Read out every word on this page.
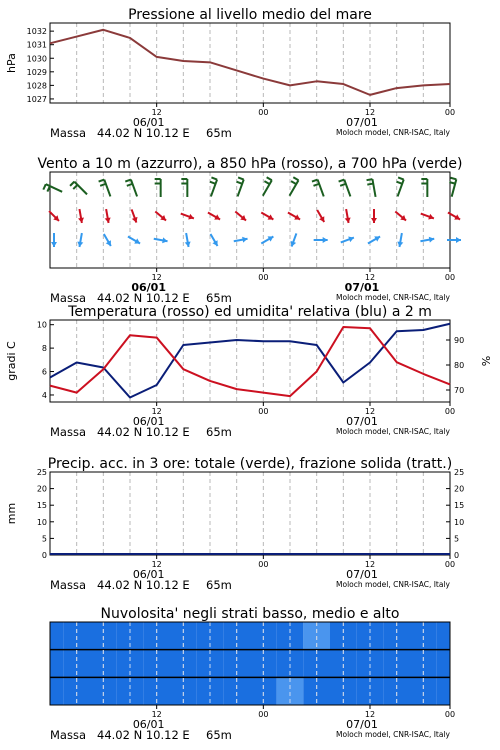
12	00	12	00
06/01	07/01
Massa 44.02 N 10.12 E 65m	Moloch model, CNR-ISAC, Italy
1027
1028
1029
1030
1031
1032
Pressione al livello medio del mare
hPa
12	00	12	00
06/01	07/01
Massa 44.02 N 10.12 E 65m	Moloch model, CNR-ISAC, Italy
Vento a 10 m (azzurro), a 850 hPa (rosso), a 700 hPa (verde)
12	00	12	00
06/01	07/01
Massa 44.02 N 10.12 E 65m	Moloch model, CNR-ISAC, Italy
Temperatura (rosso) ed umidita' relativa (blu) a 2 m
4
6
8
10
70
80
90
gradi C	%
12	00	12	00
06/01	07/01
Massa 44.02 N 10.12 E 65m	Moloch model, CNR-ISAC, Italy
Precip. acc. in 3 ore: totale (verde), frazione solida (tratt.)
0	0
5	5
10	10
15	15
20	20
25	25
mm
Nuvolosita' negli strati basso, medio e alto
12	00	12	00
06/01	07/01
Massa 44.02 N 10.12 E 65m	Moloch model, CNR-ISAC, Italy
